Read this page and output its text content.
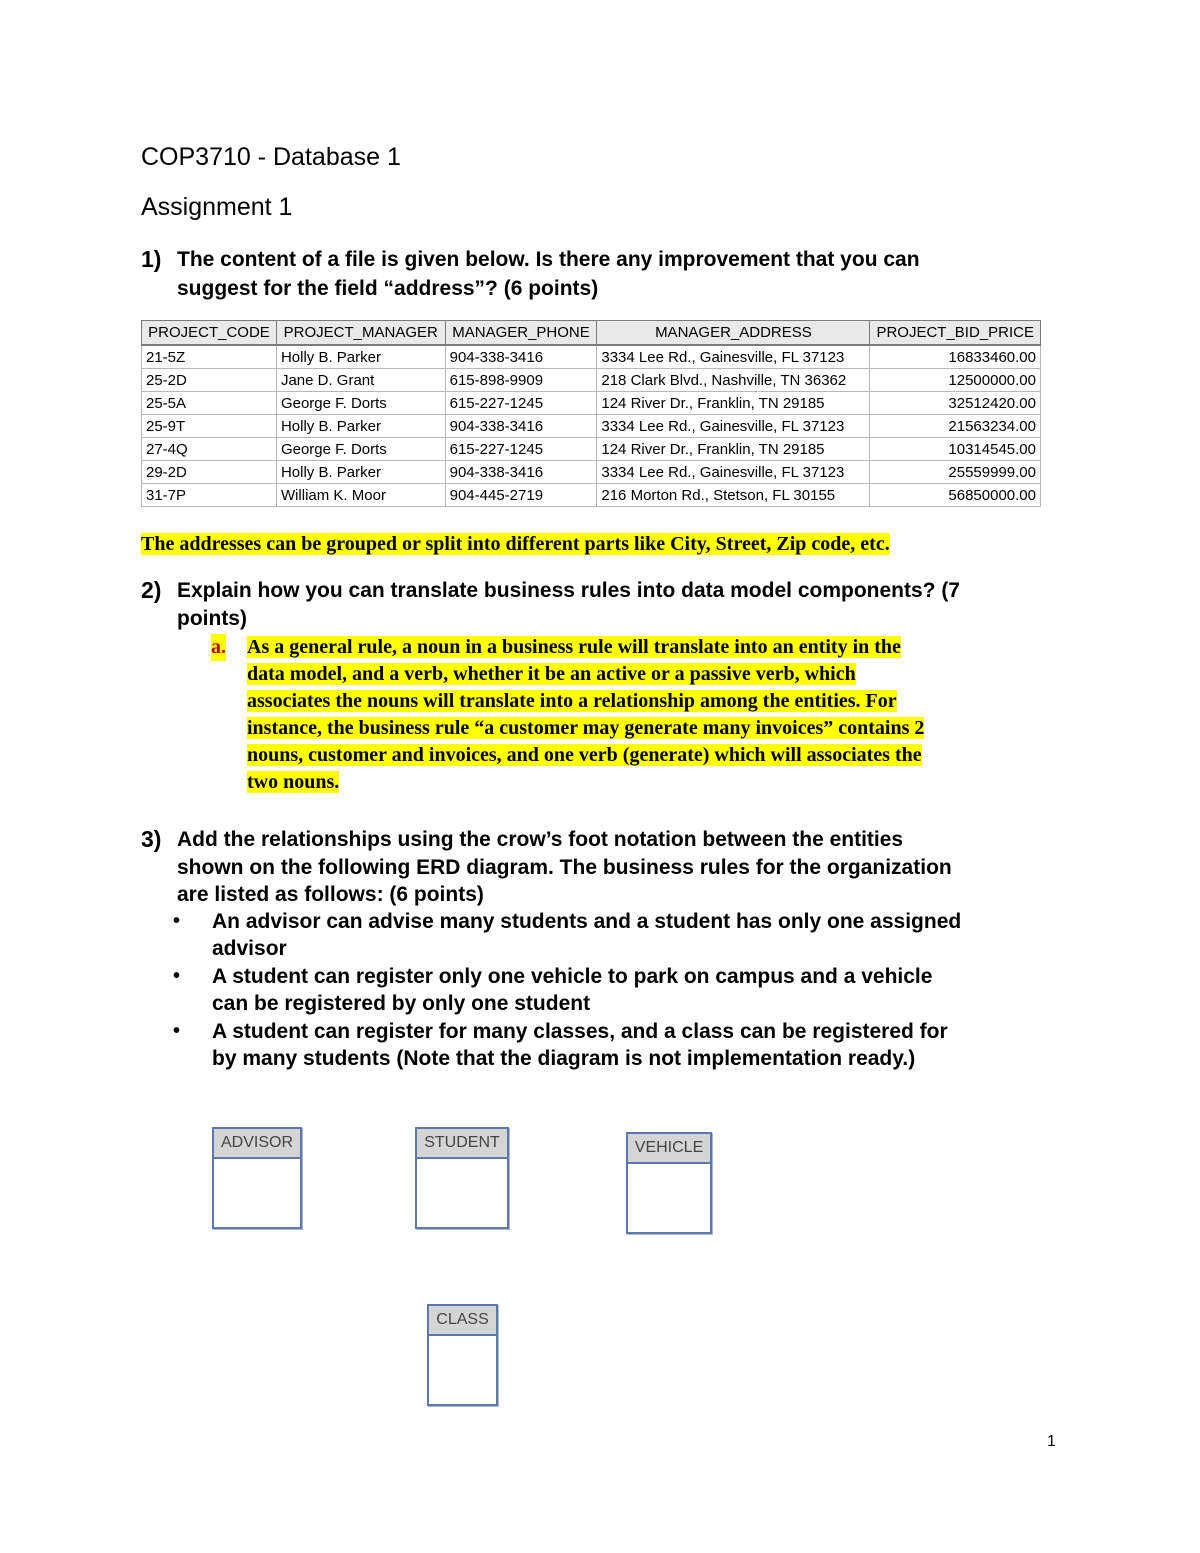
COP3710 - Database 1
Assignment 1
1) The content of a file is given below. Is there any improvement that you can
suggest for the field “address”? (6 points)
PROJECT_CODE	PROJECT_MANAGER	MANAGER_PHONE	MANAGER_ADDRESS	PROJECT_BID_PRICE
21-5Z	Holly B. Parker	904-338-3416	3334 Lee Rd., Gainesville, FL 37123	16833460.00
25-2D	Jane D. Grant	615-898-9909	218 Clark Blvd., Nashville, TN 36362	12500000.00
25-5A	George F. Dorts	615-227-1245	124 River Dr., Franklin, TN 29185	32512420.00
25-9T	Holly B. Parker	904-338-3416	3334 Lee Rd., Gainesville, FL 37123	21563234.00
27-4Q	George F. Dorts	615-227-1245	124 River Dr., Franklin, TN 29185	10314545.00
29-2D	Holly B. Parker	904-338-3416	3334 Lee Rd., Gainesville, FL 37123	25559999.00
31-7P	William K. Moor	904-445-2719	216 Morton Rd., Stetson, FL 30155	56850000.00
The addresses can be grouped or split into different parts like City, Street, Zip code, etc.
2) Explain how you can translate business rules into data model components? (7
points)
a. As a general rule, a noun in a business rule will translate into an entity in the
data model, and a verb, whether it be an active or a passive verb, which
associates the nouns will translate into a relationship among the entities. For
instance, the business rule “a customer may generate many invoices” contains 2
nouns, customer and invoices, and one verb (generate) which will associates the
two nouns.
3) Add the relationships using the crow’s foot notation between the entities
shown on the following ERD diagram. The business rules for the organization
are listed as follows: (6 points)
• An advisor can advise many students and a student has only one assigned
advisor
• A student can register only one vehicle to park on campus and a vehicle
can be registered by only one student
• A student can register for many classes, and a class can be registered for
by many students (Note that the diagram is not implementation ready.)
ADVISOR	STUDENT	VEHICLE
CLASS
1
